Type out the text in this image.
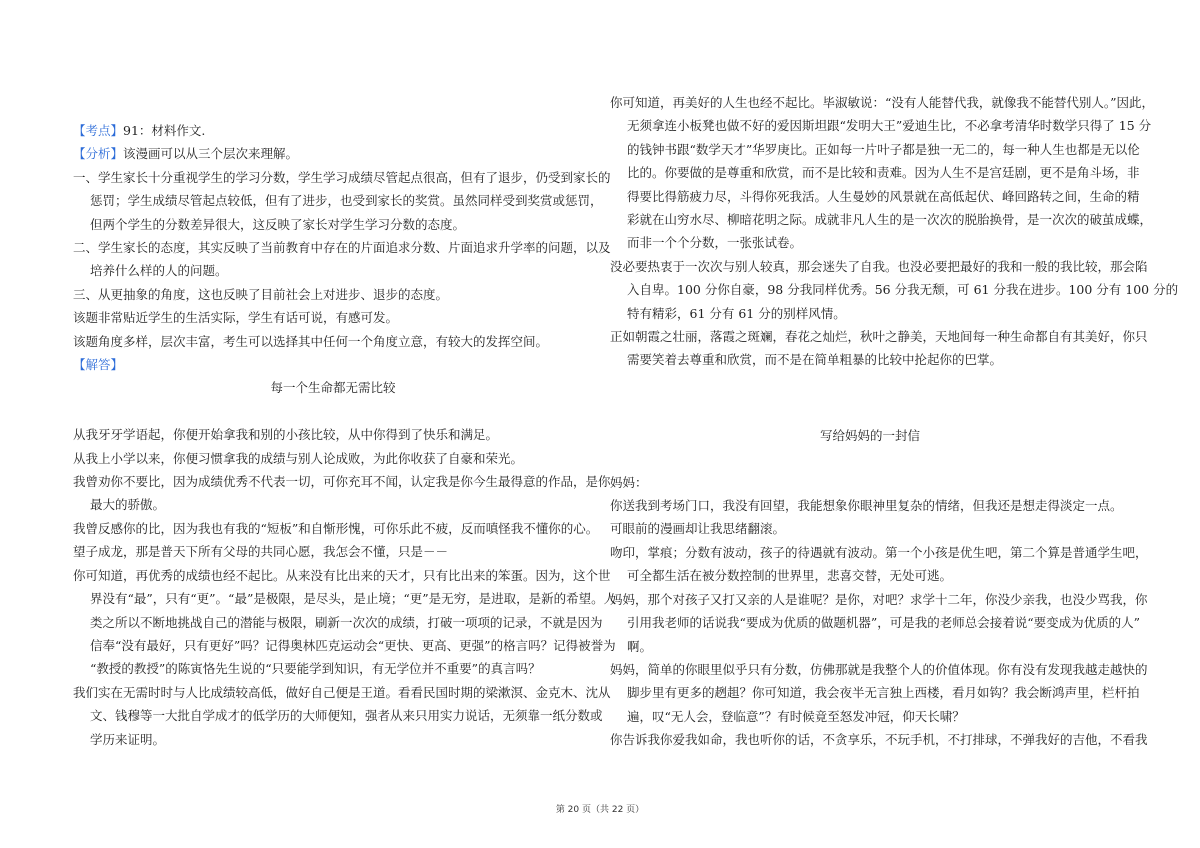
【考点】91：材料作文.
【分析】该漫画可以从三个层次来理解。
一、学生家长十分重视学生的学习分数，学生学习成绩尽管起点很高，但有了退步，仍受到家长的
惩罚；学生成绩尽管起点较低，但有了进步，也受到家长的奖赏。虽然同样受到奖赏或惩罚，
但两个学生的分数差异很大，这反映了家长对学生学习分数的态度。
二、学生家长的态度，其实反映了当前教育中存在的片面追求分数、片面追求升学率的问题，以及
培养什么样的人的问题。
三、从更抽象的角度，这也反映了目前社会上对进步、退步的态度。
该题非常贴近学生的生活实际，学生有话可说，有感可发。
该题角度多样，层次丰富，考生可以选择其中任何一个角度立意，有较大的发挥空间。
【解答】
每一个生命都无需比较
从我牙牙学语起，你便开始拿我和别的小孩比较，从中你得到了快乐和满足。
从我上小学以来，你便习惯拿我的成绩与别人论成败，为此你收获了自豪和荣光。
我曾劝你不要比，因为成绩优秀不代表一切，可你充耳不闻，认定我是你今生最得意的作品，是你
最大的骄傲。
我曾反感你的比，因为我也有我的“短板”和自惭形愧，可你乐此不疲，反而嗔怪我不懂你的心。
望子成龙，那是普天下所有父母的共同心愿，我怎会不懂，只是－－
你可知道，再优秀的成绩也经不起比。从来没有比出来的天才，只有比出来的笨蛋。因为，这个世
界没有“最”，只有“更”。“最”是极限，是尽头，是止境；“更”是无穷，是进取，是新的希望。人
类之所以不断地挑战自己的潜能与极限，刷新一次次的成绩，打破一项项的记录，不就是因为
信奉“没有最好，只有更好”吗？记得奥林匹克运动会“更快、更高、更强”的格言吗？记得被誉为
“教授的教授”的陈寅恪先生说的“只要能学到知识，有无学位并不重要”的真言吗？
我们实在无需时时与人比成绩较高低，做好自己便是王道。看看民国时期的梁漱溟、金克木、沈从
文、钱穆等一大批自学成才的低学历的大师便知，强者从来只用实力说话，无须靠一纸分数或
学历来证明。
你可知道，再美好的人生也经不起比。毕淑敏说：“没有人能替代我，就像我不能替代别人。”因此，
无须拿连小板凳也做不好的爱因斯坦跟“发明大王”爱迪生比，不必拿考清华时数学只得了 15 分
的钱钟书跟“数学天才”华罗庚比。正如每一片叶子都是独一无二的，每一种人生也都是无以伦
比的。你要做的是尊重和欣赏，而不是比较和责难。因为人生不是宫廷剧，更不是角斗场，非
得要比得筋疲力尽，斗得你死我活。人生曼妙的风景就在高低起伏、峰回路转之间，生命的精
彩就在山穷水尽、柳暗花明之际。成就非凡人生的是一次次的脱胎换骨，是一次次的破茧成蝶，
而非一个个分数，一张张试卷。
没必要热衷于一次次与别人较真，那会迷失了自我。也没必要把最好的我和一般的我比较，那会陷
入自卑。100 分你自豪，98 分我同样优秀。56 分我无颓，可 61 分我在进步。100 分有 100 分的
特有精彩，61 分有 61 分的别样风情。
正如朝霞之壮丽，落霞之斑斓，春花之灿烂，秋叶之静美，天地间每一种生命都自有其美好，你只
需要笑着去尊重和欣赏，而不是在简单粗暴的比较中抡起你的巴掌。
写给妈妈的一封信
妈妈：
你送我到考场门口，我没有回望，我能想象你眼神里复杂的情绪，但我还是想走得淡定一点。
可眼前的漫画却让我思绪翻滚。
吻印，掌痕；分数有波动，孩子的待遇就有波动。第一个小孩是优生吧，第二个算是普通学生吧，
可全都生活在被分数控制的世界里，悲喜交替，无处可逃。
妈妈，那个对孩子又打又亲的人是谁呢？是你，对吧？求学十二年，你没少亲我，也没少骂我，你
引用我老师的话说我“要成为优质的做题机器”，可是我的老师总会接着说“要变成为优质的人”
啊。
妈妈，简单的你眼里似乎只有分数，仿佛那就是我整个人的价值体现。你有没有发现我越走越快的
脚步里有更多的趔趄？你可知道，我会夜半无言独上西楼，看月如钩？我会断鸿声里，栏杆拍
遍，叹“无人会，登临意”？有时候竟至怒发冲冠，仰天长啸？
你告诉我你爱我如命，我也听你的话，不贪享乐，不玩手机，不打排球，不弹我好的吉他，不看我
第 20 页（共 22 页）
